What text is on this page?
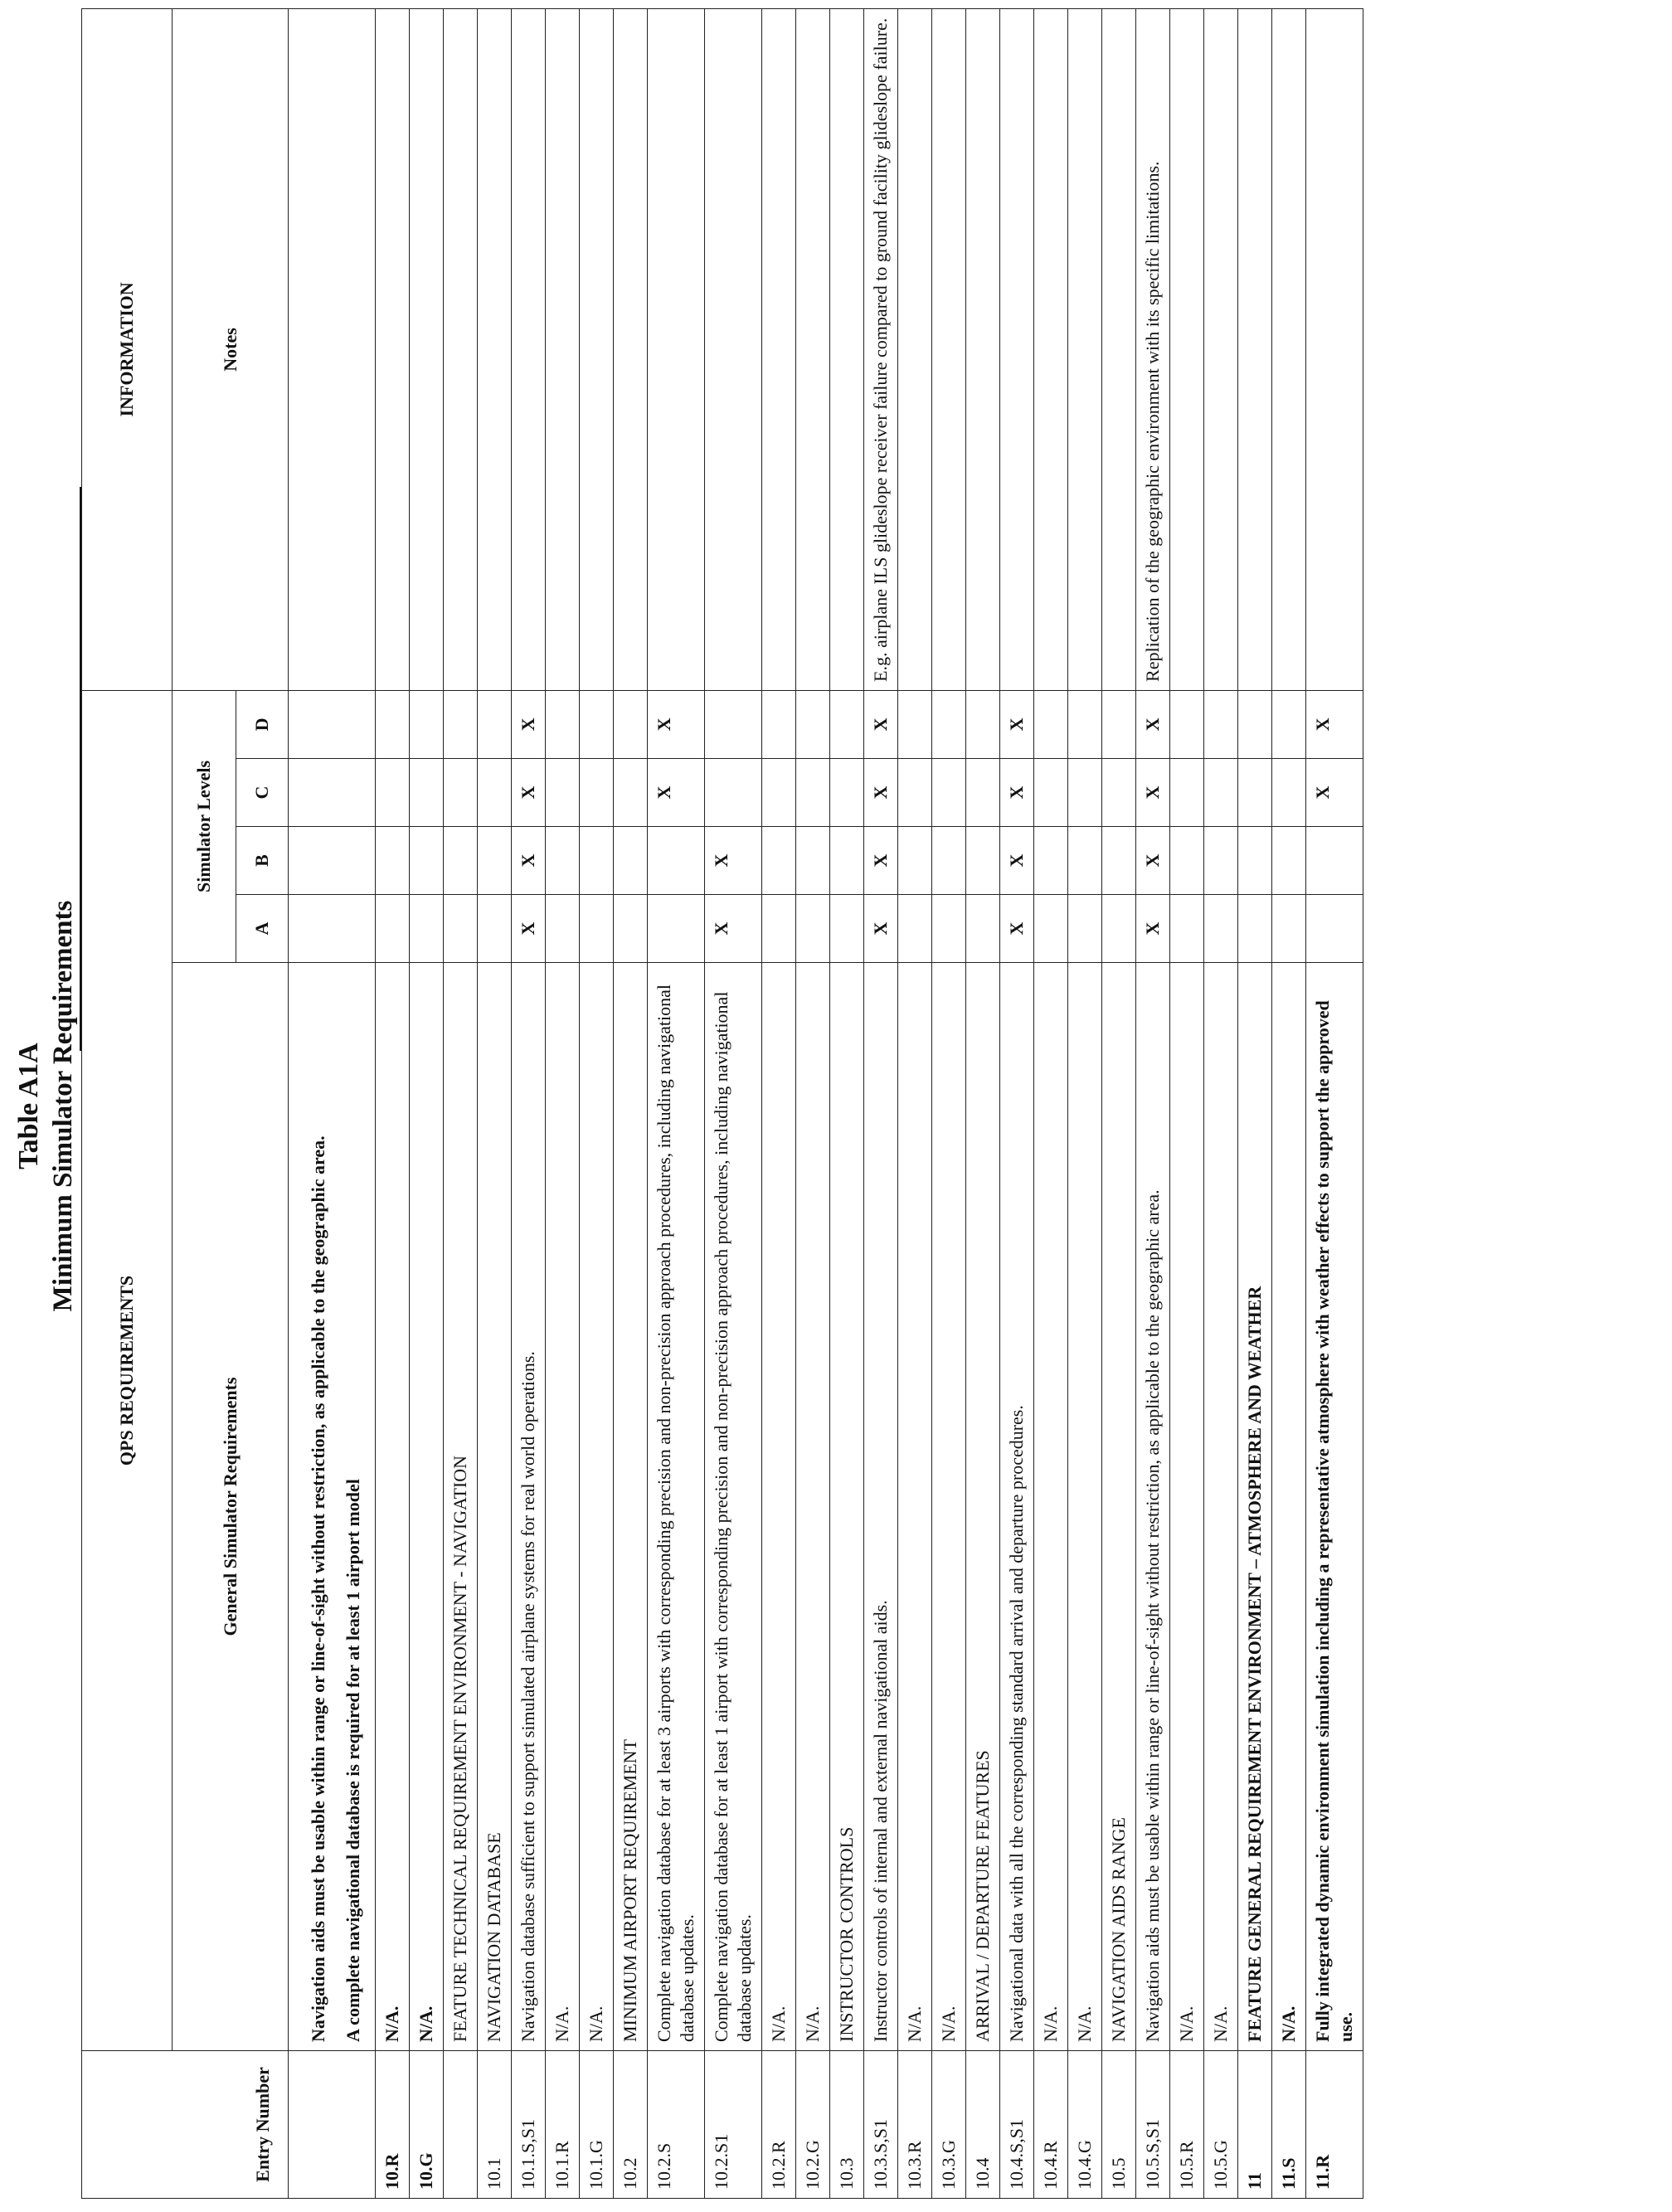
Table A1A Minimum Simulator Requirements
Entry Number	QPS REQUIREMENTS					INFORMATION
	General Simulator Requirements	Simulator Levels				Notes
		A	B	C	D	

	Navigation aids must be usable within range or line-of-sight without restriction, as applicable to the geographic area. A complete navigational database is required for at least 1 airport model					

10.R	N/A.					
10.G	N/A.					
	FEATURE TECHNICAL REQUIREMENT ENVIRONMENT - NAVIGATION					
10.1	NAVIGATION DATABASE					
10.1.S,S1	Navigation database sufficient to support simulated airplane systems for real world operations.	X	X	X	X	
10.1.R	N/A.					
10.1.G	N/A.					
10.2	MINIMUM AIRPORT REQUIREMENT					
10.2.S	Complete navigation database for at least 3 airports with corresponding precision and non-precision approach procedures, including navigational database updates.			X	X	
10.2.S1	Complete navigation database for at least 1 airport with corresponding precision and non-precision approach procedures, including navigational database updates.	X	X			
10.2.R	N/A.					
10.2.G	N/A.					
10.3	INSTRUCTOR CONTROLS					
10.3.S,S1	Instructor controls of internal and external navigational aids.	X	X	X	X	E.g. airplane ILS glideslope receiver failure compared to ground facility glideslope failure.
10.3.R	N/A.					
10.3.G	N/A.					
10.4	ARRIVAL / DEPARTURE FEATURES					
10.4.S,S1	Navigational data with all the corresponding standard arrival and departure procedures.	X	X	X	X	
10.4.R	N/A.					
10.4.G	N/A.					
10.5	NAVIGATION AIDS RANGE					
10.5.S,S1	Navigation aids must be usable within range or line-of-sight without restriction, as applicable to the geographic area.	X	X	X	X	Replication of the geographic environment with its specific limitations.
10.5.R	N/A.					
10.5.G	N/A.					
11	FEATURE GENERAL REQUIREMENT ENVIRONMENT – ATMOSPHERE AND WEATHER					
11.S	N/A.					
11.R	Fully integrated dynamic environment simulation including a representative atmosphere with weather effects to support the approved use.			X	X	
